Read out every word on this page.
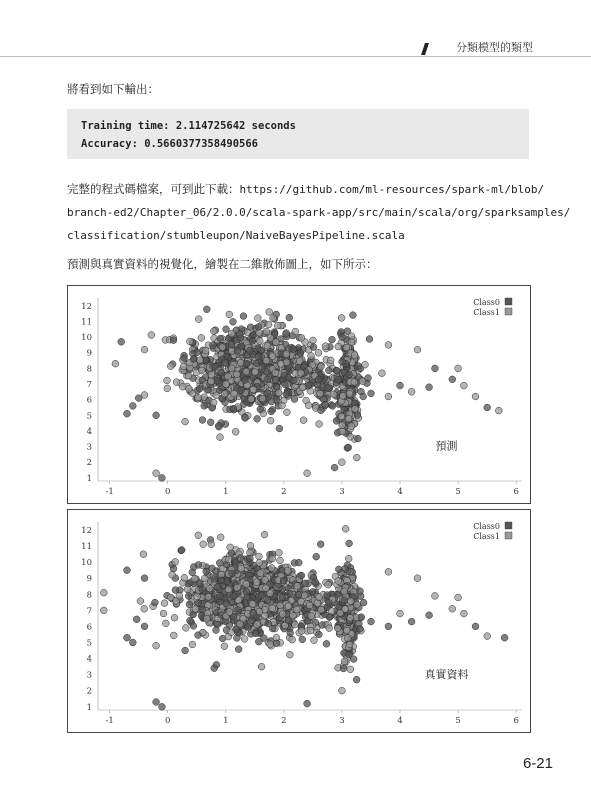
分類模型的類型
將看到如下輸出：
Training time: 2.114725642 seconds
Accuracy: 0.5660377358490566
完整的程式碼檔案，可到此下載：https://github.com/ml-resources/spark-ml/blob/
branch-ed2/Chapter_06/2.0.0/scala-spark-app/src/main/scala/org/sparksamples/
classification/stumbleupon/NaiveBayesPipeline.scala
預測與真實資料的視覺化，繪製在二維散佈圖上，如下所示：
1
2
3
4
5
6
7
8
9
10
11
12
-1	0	1	2	3	4	5	6
Class0
Class1
預測
1
2
3
4
5
6
7
8
9
10
11
12
-1	0	1	2	3	4	5	6
Class0
Class1
真實資料
6-21
